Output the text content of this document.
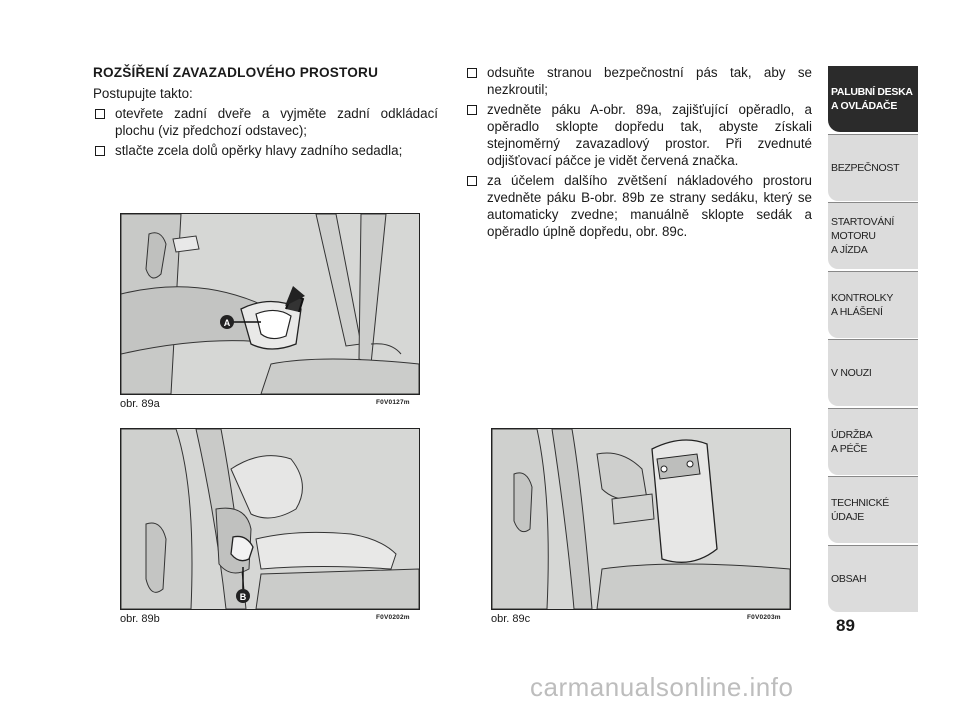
ROZŠÍŘENÍ ZAVAZADLOVÉHO PROSTORU
Postupujte takto:
otevřete zadní dveře a vyjměte zadní odkládací plochu (viz předchozí odstavec);
stlačte zcela dolů opěrky hlavy zadního sedadla;
odsuňte stranou bezpečnostní pás tak, aby se nezkroutil;
zvedněte páku A-obr. 89a, zajišťující opěradlo, a opěradlo sklopte dopředu tak, abyste získali stejnoměrný zavazadlový prostor. Při zvednuté odjišťovací páčce je vidět červená značka.
za účelem dalšího zvětšení nákladového prostoru zvedněte páku B-obr. 89b ze strany sedáku, který se automaticky zvedne; manuálně sklopte sedák a opěradlo úplně dopředu, obr. 89c.
A
obr. 89a	F0V0127m
B
obr. 89b	F0V0202m	obr. 89c	F0V0203m
PALUBNÍ DESKA
A OVLÁDAČE
BEZPEČNOST
STARTOVÁNÍ
MOTORU
A JÍZDA
KONTROLKY
A HLÁŠENÍ
V NOUZI
ÚDRŽBA
A PÉČE
TECHNICKÉ
ÚDAJE
OBSAH
89
carmanualsonline.info
